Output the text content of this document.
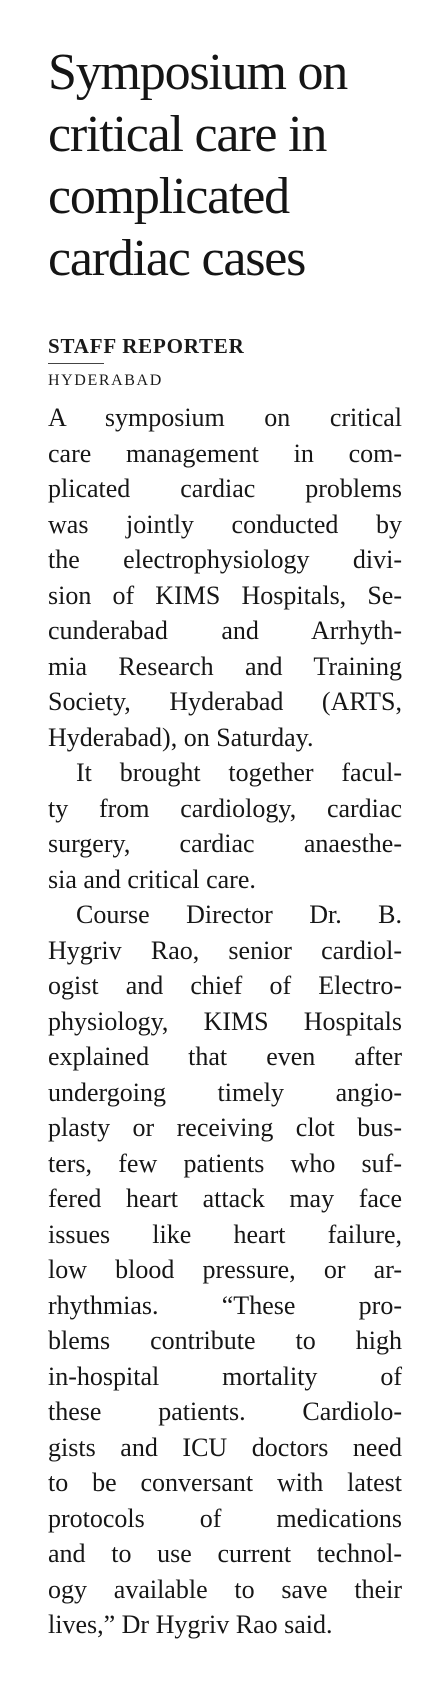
Symposium on
critical care in
complicated
cardiac cases
STAFF REPORTER
HYDERABAD
A symposium on critical
care management in com-
plicated cardiac problems
was jointly conducted by
the electrophysiology divi-
sion of KIMS Hospitals, Se-
cunderabad and Arrhyth-
mia Research and Training
Society, Hyderabad (ARTS,
Hyderabad), on Saturday.
It brought together facul-
ty from cardiology, cardiac
surgery, cardiac anaesthe-
sia and critical care.
Course Director Dr. B.
Hygriv Rao, senior cardiol-
ogist and chief of Electro-
physiology, KIMS Hospitals
explained that even after
undergoing timely angio-
plasty or receiving clot bus-
ters, few patients who suf-
fered heart attack may face
issues like heart failure,
low blood pressure, or ar-
rhythmias. “These pro-
blems contribute to high
in-hospital mortality of
these patients. Cardiolo-
gists and ICU doctors need
to be conversant with latest
protocols of medications
and to use current technol-
ogy available to save their
lives,” Dr Hygriv Rao said.
